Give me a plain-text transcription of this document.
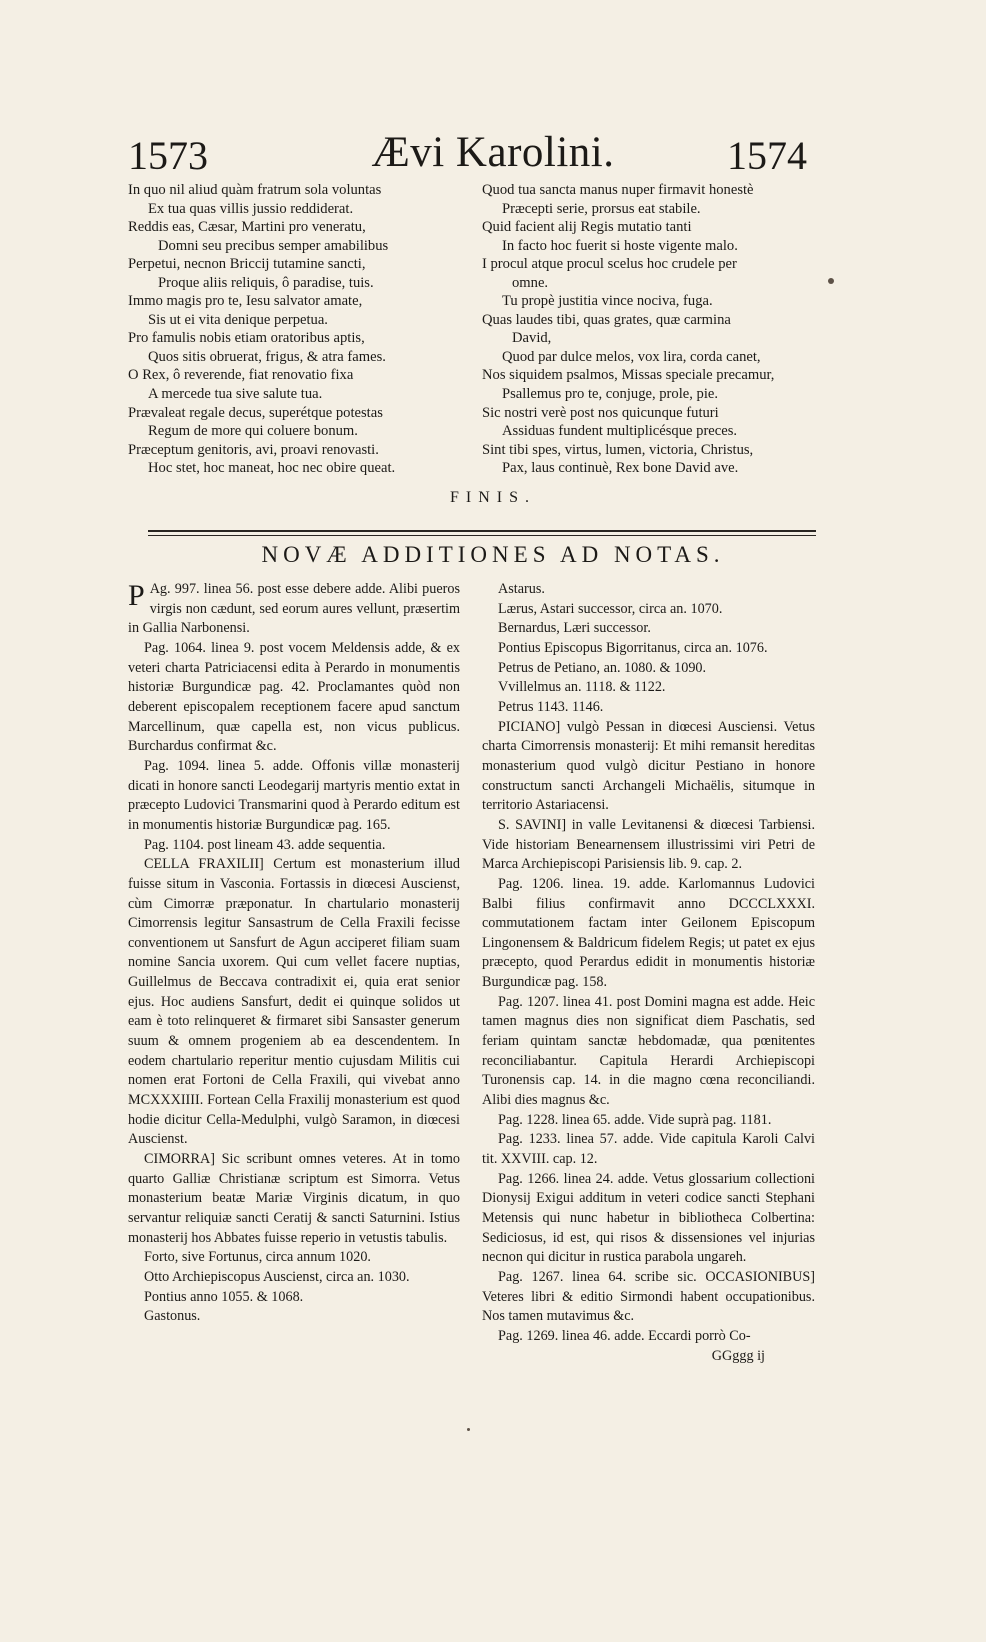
1573	Ævi Karolini.	1574
In quo nil aliud quàm fratrum sola voluntas
Ex tua quas villis jussio reddiderat.
Reddis eas, Cæsar, Martini pro veneratu,
Domni seu precibus semper amabilibus
Perpetui, necnon Briccij tutamine sancti,
Proque aliis reliquis, ô paradise, tuis.
Immo magis pro te, Iesu salvator amate,
Sis ut ei vita denique perpetua.
Pro famulis nobis etiam oratoribus aptis,
Quos sitis obruerat, frigus, & atra fames.
O Rex, ô reverende, fiat renovatio fixa
A mercede tua sive salute tua.
Prævaleat regale decus, superétque potestas
Regum de more qui coluere bonum.
Præceptum genitoris, avi, proavi renovasti.
Hoc stet, hoc maneat, hoc nec obire queat.
Quod tua sancta manus nuper firmavit honestè
Præcepti serie, prorsus eat stabile.
Quid facient alij Regis mutatio tanti
In facto hoc fuerit si hoste vigente malo.
I procul atque procul scelus hoc crudele per
omne.
Tu propè justitia vince nociva, fuga.
Quas laudes tibi, quas grates, quæ carmina
David,
Quod par dulce melos, vox lira, corda canet,
Nos siquidem psalmos, Missas speciale precamur,
Psallemus pro te, conjuge, prole, pie.
Sic nostri verè post nos quicunque futuri
Assiduas fundent multiplicésque preces.
Sint tibi spes, virtus, lumen, victoria, Christus,
Pax, laus continuè, Rex bone David ave.
FINIS.
NOVÆ ADDITIONES AD NOTAS.

P Ag. 997. linea 56. post esse debere adde. Alibi pueros virgis non cædunt, sed eorum aures vellunt, præsertim in Gallia Narbonensi.

Pag. 1064. linea 9. post vocem Meldensis adde, & ex veteri charta Patriciacensi edita à Perardo in monumentis historiæ Burgundicæ pag. 42. Proclamantes quòd non deberent episcopalem receptionem facere apud sanctum Marcellinum, quæ capella est, non vicus publicus. Burchardus confirmat &c.

Pag. 1094. linea 5. adde. Offonis villæ monasterij dicati in honore sancti Leodegarij martyris mentio extat in præcepto Ludovici Transmarini quod à Perardo editum est in monumentis historiæ Burgundicæ pag. 165.

Pag. 1104. post lineam 43. adde sequentia.

CELLA FRAXILII] Certum est monasterium illud fuisse situm in Vasconia. Fortassis in diœcesi Auscienst, cùm Cimorræ præponatur. In chartulario monasterij Cimorrensis legitur Sansastrum de Cella Fraxili fecisse conventionem ut Sansfurt de Agun acciperet filiam suam nomine Sancia uxorem. Qui cum vellet facere nuptias, Guillelmus de Beccava contradixit ei, quia erat senior ejus. Hoc audiens Sansfurt, dedit ei quinque solidos ut eam è toto relinqueret & firmaret sibi Sansaster generum suum & omnem progeniem ab ea descendentem. In eodem chartulario reperitur mentio cujusdam Militis cui nomen erat Fortoni de Cella Fraxili, qui vivebat anno MCXXXIIII. Fortean Cella Fraxilij monasterium est quod hodie dicitur Cella-Medulphi, vulgò Saramon, in diœcesi Auscienst.

CIMORRA] Sic scribunt omnes veteres. At in tomo quarto Galliæ Christianæ scriptum est Simorra. Vetus monasterium beatæ Mariæ Virginis dicatum, in quo servantur reliquiæ sancti Ceratij & sancti Saturnini. Istius monasterij hos Abbates fuisse reperio in vetustis tabulis.

Forto, sive Fortunus, circa annum 1020.

Otto Archiepiscopus Auscienst, circa an. 1030.

Pontius anno 1055. & 1068.

Gastonus.

Astarus.

Lærus, Astari successor, circa an. 1070.

Bernardus, Læri successor.

Pontius Episcopus Bigorritanus, circa an. 1076.

Petrus de Petiano, an. 1080. & 1090.

Vvillelmus an. 1118. & 1122.

Petrus 1143. 1146.

PICIANO] vulgò Pessan in diœcesi Ausciensi. Vetus charta Cimorrensis monasterij: Et mihi remansit hereditas monasterium quod vulgò dicitur Pestiano in honore constructum sancti Archangeli Michaëlis, situmque in territorio Astariacensi.

S. SAVINI] in valle Levitanensi & diœcesi Tarbiensi. Vide historiam Benearnensem illustrissimi viri Petri de Marca Archiepiscopi Parisiensis lib. 9. cap. 2.

Pag. 1206. linea. 19. adde. Karlomannus Ludovici Balbi filius confirmavit anno DCCCLXXXI. commutationem factam inter Geilonem Episcopum Lingonensem & Baldricum fidelem Regis; ut patet ex ejus præcepto, quod Perardus edidit in monumentis historiæ Burgundicæ pag. 158.

Pag. 1207. linea 41. post Domini magna est adde. Heic tamen magnus dies non significat diem Paschatis, sed feriam quintam sanctæ hebdomadæ, qua pœnitentes reconciliabantur. Capitula Herardi Archiepiscopi Turonensis cap. 14. in die magno cœna reconciliandi. Alibi dies magnus &c.

Pag. 1228. linea 65. adde. Vide suprà pag. 1181.

Pag. 1233. linea 57. adde. Vide capitula Karoli Calvi tit. XXVIII. cap. 12.

Pag. 1266. linea 24. adde. Vetus glossarium collectioni Dionysij Exigui additum in veteri codice sancti Stephani Metensis qui nunc habetur in bibliotheca Colbertina: Sediciosus, id est, qui risos & dissensiones vel injurias necnon qui dicitur in rustica parabola ungareh.

Pag. 1267. linea 64. scribe sic. OCCASIONIBUS] Veteres libri & editio Sirmondi habent occupationibus. Nos tamen mutavimus &c.

Pag. 1269. linea 46. adde. Eccardi porrò Co-

GGggg ij
